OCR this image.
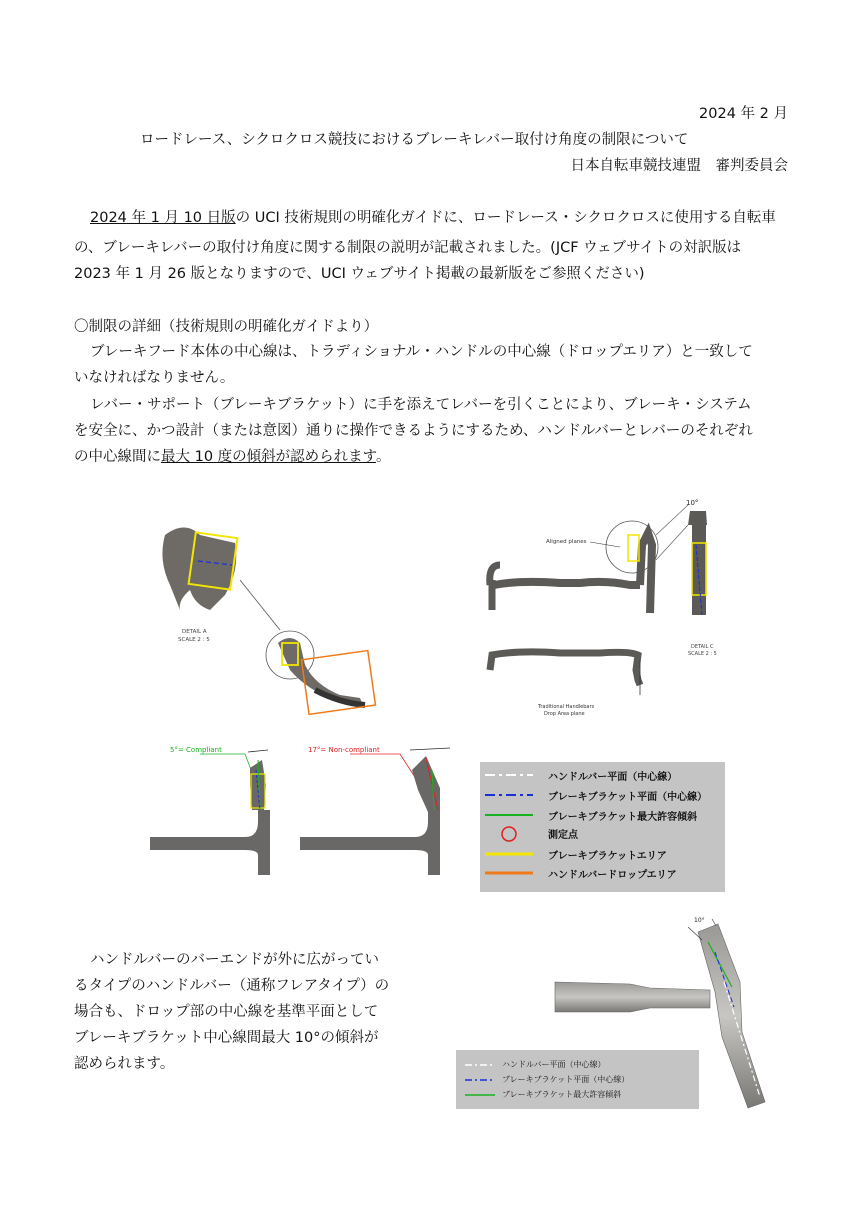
2024 年 2 月
ロードレース、シクロクロス競技におけるブレーキレバー取付け角度の制限について
日本自転車競技連盟　審判委員会
2024 年 1 月 10 日版の UCI 技術規則の明確化ガイドに、ロードレース・シクロクロスに使用する自転車
の、ブレーキレバーの取付け角度に関する制限の説明が記載されました。(JCF ウェブサイトの対訳版は
2023 年 1 月 26 版となりますので、UCI ウェブサイト掲載の最新版をご参照ください)
〇制限の詳細（技術規則の明確化ガイドより）
ブレーキフード本体の中心線は、トラディショナル・ハンドルの中心線（ドロップエリア）と一致して
いなければなりません。
レバー・サポート（ブレーキブラケット）に手を添えてレバーを引くことにより、ブレーキ・システム
を安全に、かつ設計（または意図）通りに操作できるようにするため、ハンドルバーとレバーのそれぞれ
の中心線間に最大 10 度の傾斜が認められます。
DETAIL A
SCALE 2 : 5
Aligned planes
10°
DETAIL C
SCALE 2 : 5
Traditional Handlebars
Drop Area plane
5°= Compliant	17°= Non-compliant
ハンドルバー平面（中心線）
ブレーキブラケット平面（中心線）
ブレーキブラケット最大許容傾斜
測定点
ブレーキブラケットエリア
ハンドルバードロップエリア
ハンドルバーのバーエンドが外に広がってい
るタイプのハンドルバー（通称フレアタイプ）の
場合も、ドロップ部の中心線を基準平面として
ブレーキブラケット中心線間最大 10°の傾斜が
認められます。
10°
ハンドルバー平面（中心線）
ブレーキブラケット平面（中心線）
ブレーキブラケット最大許容傾斜
